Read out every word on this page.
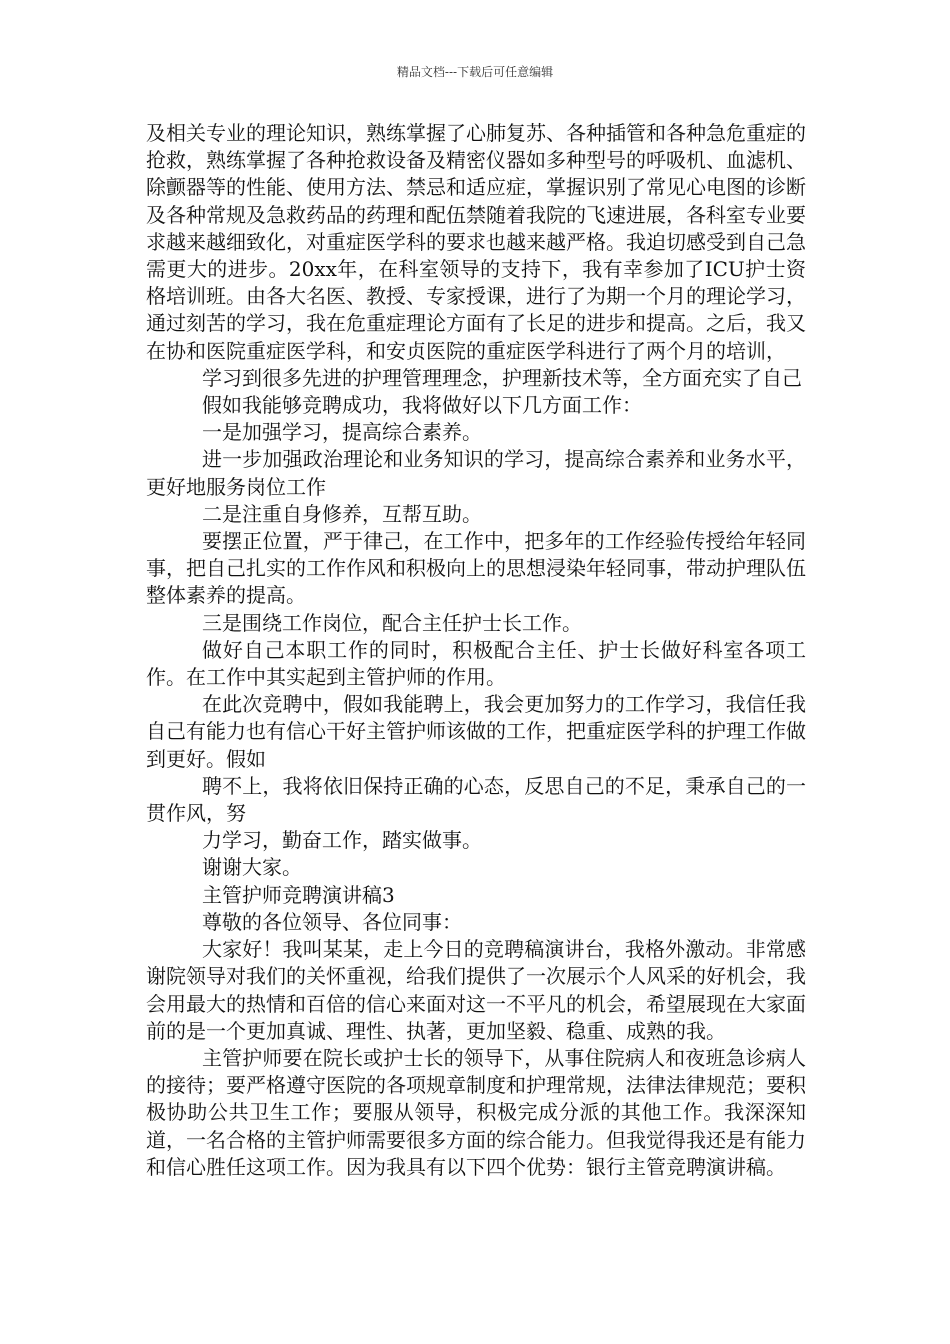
精品文档---下载后可任意编辑

及相关专业的理论知识，熟练掌握了心肺复苏、各种插管和各种急危重症的抢救，熟练掌握了各种抢救设备及精密仪器如多种型号的呼吸机、血滤机、除颤器等的性能、使用方法、禁忌和适应症，掌握识别了常见心电图的诊断及各种常规及急救药品的药理和配伍禁随着我院的飞速进展，各科室专业要求越来越细致化，对重症医学科的要求也越来越严格。我迫切感受到自己急需更大的进步。20xx年，在科室领导的支持下，我有幸参加了ICU护士资格培训班。由各大名医、教授、专家授课，进行了为期一个月的理论学习，通过刻苦的学习，我在危重症理论方面有了长足的进步和提高。之后，我又在协和医院重症医学科，和安贞医院的重症医学科进行了两个月的培训，

学习到很多先进的护理管理理念，护理新技术等，全方面充实了自己

假如我能够竞聘成功，我将做好以下几方面工作：

一是加强学习，提高综合素养。

进一步加强政治理论和业务知识的学习，提高综合素养和业务水平，更好地服务岗位工作

二是注重自身修养，互帮互助。

要摆正位置，严于律己，在工作中，把多年的工作经验传授给年轻同事，把自己扎实的工作作风和积极向上的思想浸染年轻同事，带动护理队伍整体素养的提高。

三是围绕工作岗位，配合主任护士长工作。

做好自己本职工作的同时，积极配合主任、护士长做好科室各项工作。在工作中其实起到主管护师的作用。

在此次竞聘中，假如我能聘上，我会更加努力的工作学习，我信任我自己有能力也有信心干好主管护师该做的工作，把重症医学科的护理工作做到更好。假如

聘不上，我将依旧保持正确的心态，反思自己的不足，秉承自己的一贯作风，努

力学习，勤奋工作，踏实做事。

谢谢大家。

主管护师竞聘演讲稿3

尊敬的各位领导、各位同事：

大家好！我叫某某，走上今日的竞聘稿演讲台，我格外激动。非常感谢院领导对我们的关怀重视，给我们提供了一次展示个人风采的好机会，我会用最大的热情和百倍的信心来面对这一不平凡的机会，希望展现在大家面前的是一个更加真诚、理性、执著，更加坚毅、稳重、成熟的我。

主管护师要在院长或护士长的领导下，从事住院病人和夜班急诊病人的接待；要严格遵守医院的各项规章制度和护理常规，法律法律规范；要积极协助公共卫生工作；要服从领导，积极完成分派的其他工作。我深深知道，一名合格的主管护师需要很多方面的综合能力。但我觉得我还是有能力和信心胜任这项工作。因为我具有以下四个优势：银行主管竞聘演讲稿。
